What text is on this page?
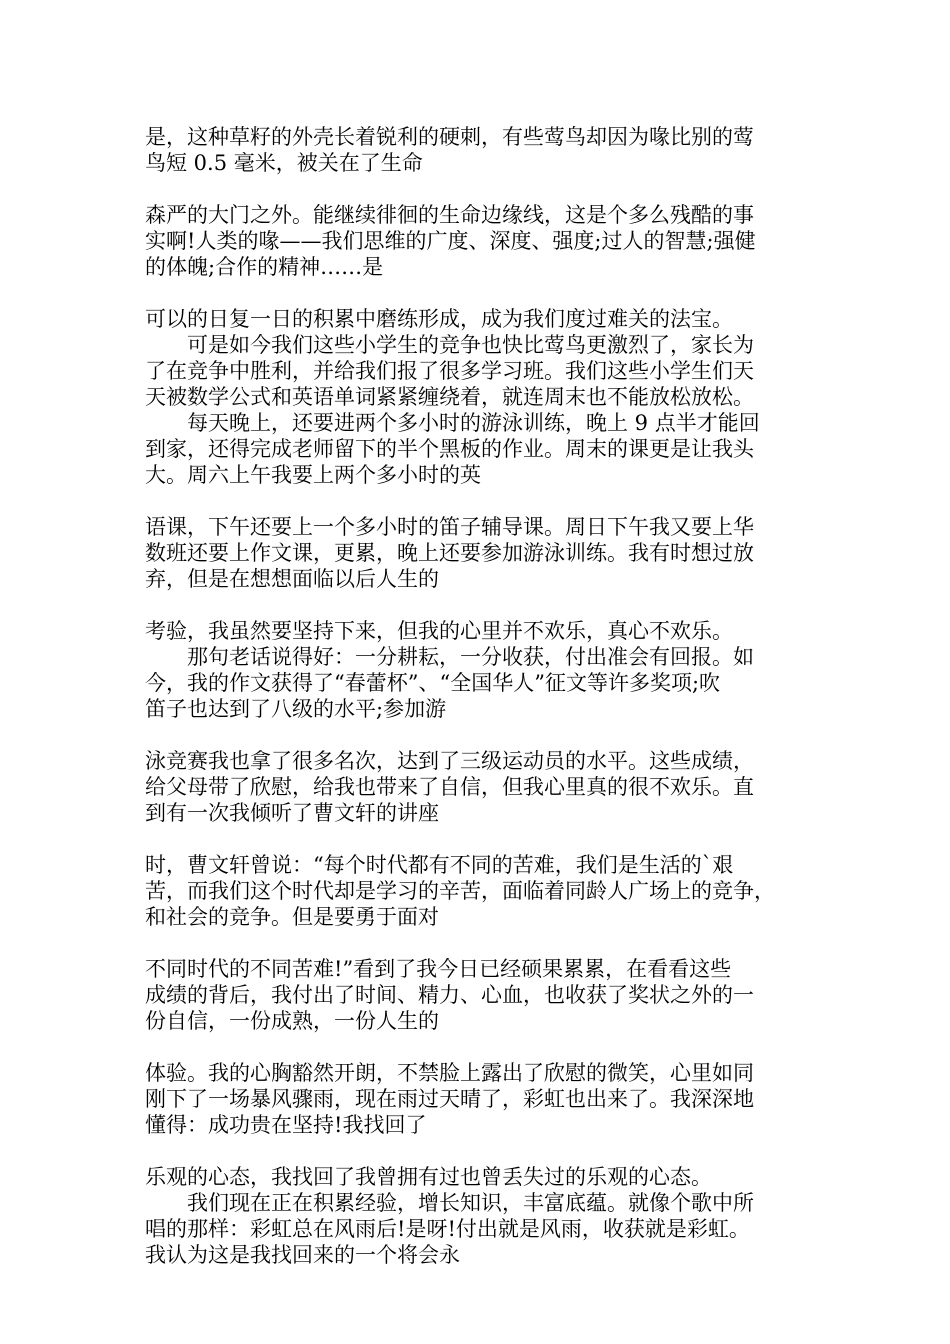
是，这种草籽的外壳长着锐利的硬刺，有些莺鸟却因为喙比别的莺
鸟短 0.5 毫米，被关在了生命
森严的大门之外。能继续徘徊的生命边缘线，这是个多么残酷的事
实啊!人类的喙——我们思维的广度、深度、强度;过人的智慧;强健
的体魄;合作的精神……是
可以的日复一日的积累中磨练形成，成为我们度过难关的法宝。
　　可是如今我们这些小学生的竞争也快比莺鸟更激烈了，家长为
了在竞争中胜利，并给我们报了很多学习班。我们这些小学生们天
天被数学公式和英语单词紧紧缠绕着，就连周末也不能放松放松。
　　每天晚上，还要进两个多小时的游泳训练，晚上 9 点半才能回
到家，还得完成老师留下的半个黑板的作业。周末的课更是让我头
大。周六上午我要上两个多小时的英
语课，下午还要上一个多小时的笛子辅导课。周日下午我又要上华
数班还要上作文课，更累，晚上还要参加游泳训练。我有时想过放
弃，但是在想想面临以后人生的
考验，我虽然要坚持下来，但我的心里并不欢乐，真心不欢乐。
　　那句老话说得好：一分耕耘，一分收获，付出准会有回报。如
今，我的作文获得了“春蕾杯”、“全国华人”征文等许多奖项;吹
笛子也达到了八级的水平;参加游
泳竞赛我也拿了很多名次，达到了三级运动员的水平。这些成绩，
给父母带了欣慰，给我也带来了自信，但我心里真的很不欢乐。直
到有一次我倾听了曹文轩的讲座
时，曹文轩曾说：“每个时代都有不同的苦难，我们是生活的`艰
苦，而我们这个时代却是学习的辛苦，面临着同龄人广场上的竞争，
和社会的竞争。但是要勇于面对
不同时代的不同苦难!”看到了我今日已经硕果累累，在看看这些
成绩的背后，我付出了时间、精力、心血，也收获了奖状之外的一
份自信，一份成熟，一份人生的
体验。我的心胸豁然开朗，不禁脸上露出了欣慰的微笑，心里如同
刚下了一场暴风骤雨，现在雨过天晴了，彩虹也出来了。我深深地
懂得：成功贵在坚持!我找回了
乐观的心态，我找回了我曾拥有过也曾丢失过的乐观的心态。
　　我们现在正在积累经验，增长知识，丰富底蕴。就像个歌中所
唱的那样：彩虹总在风雨后!是呀!付出就是风雨，收获就是彩虹。
我认为这是我找回来的一个将会永
